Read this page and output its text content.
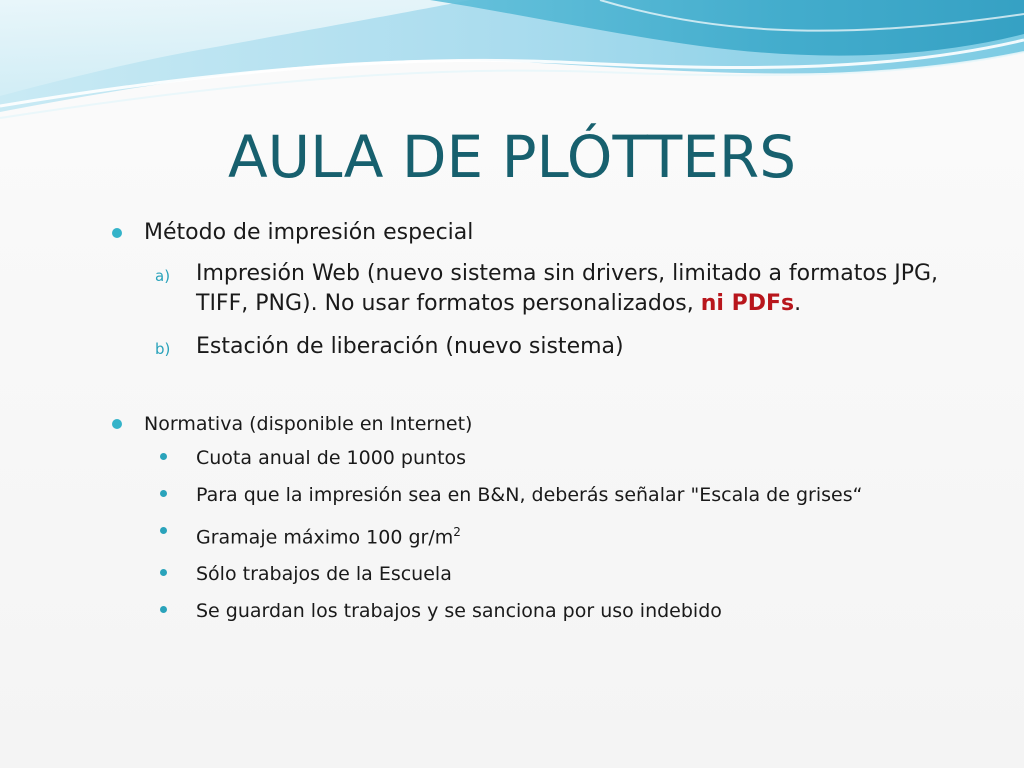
AULA DE PLÓTTERS
Método de impresión especial
a) Impresión Web (nuevo sistema sin drivers, limitado a formatos JPG, TIFF, PNG). No usar formatos personalizados, ni PDFs.
b) Estación de liberación (nuevo sistema)
Normativa (disponible en Internet)
Cuota anual de 1000 puntos
Para que la impresión sea en B&N, deberás señalar "Escala de grises“
Gramaje máximo 100 $gr/m^2$
Sólo trabajos de la Escuela
Se guardan los trabajos y se sanciona por uso indebido
